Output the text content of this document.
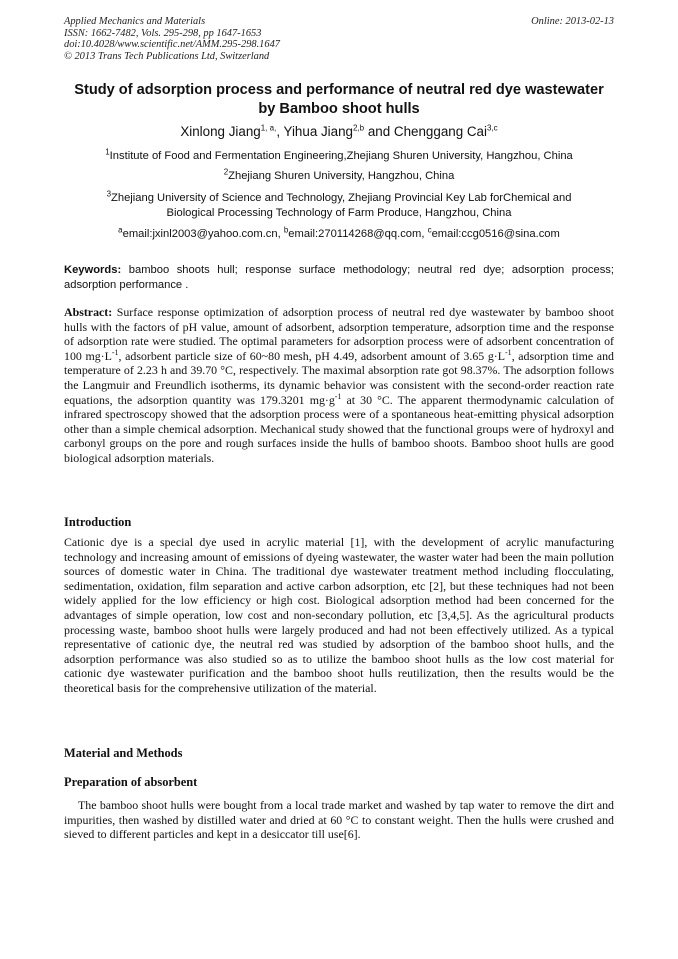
Applied Mechanics and Materials
ISSN: 1662-7482, Vols. 295-298, pp 1647-1653
doi:10.4028/www.scientific.net/AMM.295-298.1647
© 2013 Trans Tech Publications Ltd, Switzerland
Online: 2013-02-13
Study of adsorption process and performance of neutral red dye wastewater by Bamboo shoot hulls
Xinlong Jiang$^{1, a,}$, Yihua Jiang$^{2,b}$ and Chenggang Cai$^{3,c}$
$^1$Institute of Food and Fermentation Engineering,Zhejiang Shuren University, Hangzhou, China
$^2$Zhejiang Shuren University, Hangzhou, China
$^3$Zhejiang University of Science and Technology, Zhejiang Provincial Key Lab forChemical and
Biological Processing Technology of Farm Produce, Hangzhou, China
$^a$email:jxinl2003@yahoo.com.cn, $^b$email:270114268@qq.com, $^c$email:ccg0516@sina.com
Keywords: bamboo shoots hull; response surface methodology; neutral red dye; adsorption process; adsorption performance .
Abstract: Surface response optimization of adsorption process of neutral red dye wastewater by bamboo shoot hulls with the factors of pH value, amount of adsorbent, adsorption temperature, adsorption time and the response of adsorption rate were studied. The optimal parameters for adsorption process were of adsorbent concentration of 100 $mg\cdot L^{-1}$, adsorbent particle size of 60~80 mesh, pH 4.49, adsorbent amount of 3.65 $g\cdot L^{-1}$, adsorption time and temperature of 2.23 h and 39.70 °C, respectively. The maximal absorption rate got 98.37%. The adsorption follows the Langmuir and Freundlich isotherms, its dynamic behavior was consistent with the second-order reaction rate equations, the adsorption quantity was 179.3201 $mg\cdot g^{-1}$ at 30 °C. The apparent thermodynamic calculation of infrared spectroscopy showed that the adsorption process were of a spontaneous heat-emitting physical adsorption other than a simple chemical adsorption. Mechanical study showed that the functional groups were of hydroxyl and carbonyl groups on the pore and rough surfaces inside the hulls of bamboo shoots. Bamboo shoot hulls are good biological adsorption materials.
Introduction
Cationic dye is a special dye used in acrylic material [1], with the development of acrylic manufacturing technology and increasing amount of emissions of dyeing wastewater, the waster water had been the main pollution sources of domestic water in China. The traditional dye wastewater treatment method including flocculating, sedimentation, oxidation, film separation and active carbon adsorption, etc [2], but these techniques had not been widely applied for the low efficiency or high cost. Biological adsorption method had been concerned for the advantages of simple operation, low cost and non-secondary pollution, etc [3,4,5]. As the agricultural products processing waste, bamboo shoot hulls were largely produced and had not been effectively utilized. As a typical representative of cationic dye, the neutral red was studied by adsorption of the bamboo shoot hulls, and the adsorption performance was also studied so as to utilize the bamboo shoot hulls as the low cost material for cationic dye wastewater purification and the bamboo shoot hulls reutilization, then the results would be the theoretical basis for the comprehensive utilization of the material.
Material and Methods
Preparation of absorbent
The bamboo shoot hulls were bought from a local trade market and washed by tap water to remove the dirt and impurities, then washed by distilled water and dried at 60 °C to constant weight. Then the hulls were crushed and sieved to different particles and kept in a desiccator till use[6].
